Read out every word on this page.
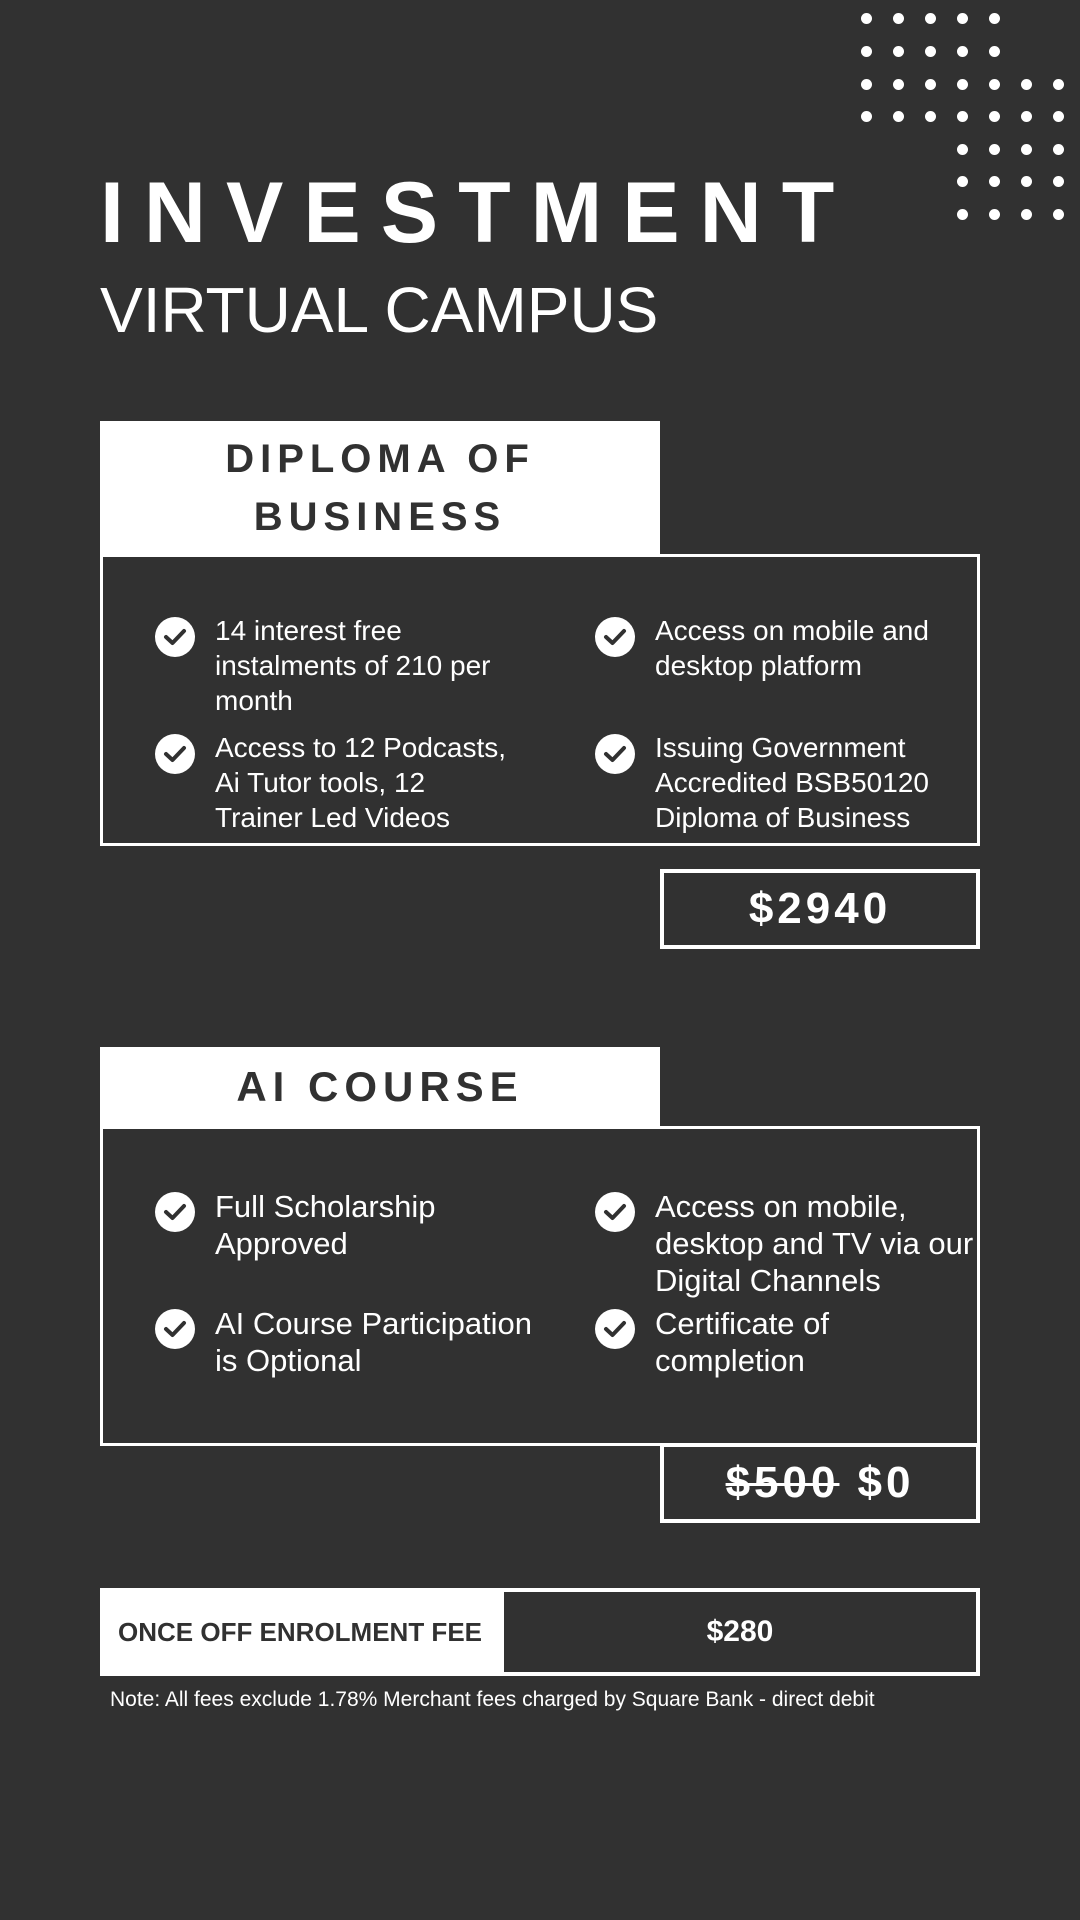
INVESTMENT
VIRTUAL CAMPUS
DIPLOMA OF
BUSINESS
14 interest free
instalments of 210 per
month
Access on mobile and
desktop platform
Access to 12 Podcasts,
Ai Tutor tools, 12
Trainer Led Videos
Issuing Government
Accredited BSB50120
Diploma of Business
$2940
AI COURSE
Full Scholarship
Approved
Access on mobile,
desktop and TV via our
Digital Channels
AI Course Participation
is Optional
Certificate of
completion
$500 $0
ONCE OFF ENROLMENT FEE	$280
Note: All fees exclude 1.78% Merchant fees charged by Square Bank - direct debit
